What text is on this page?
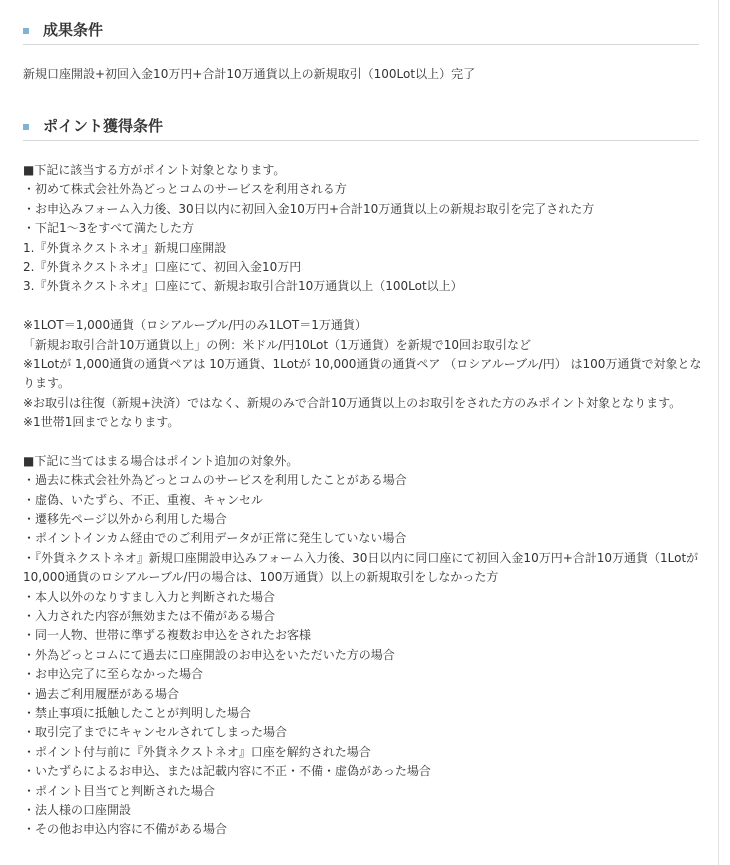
成果条件
新規口座開設+初回入金10万円+合計10万通貨以上の新規取引（100Lot以上）完了
ポイント獲得条件
■下記に該当する方がポイント対象となります。
・初めて株式会社外為どっとコムのサービスを利用される方
・お申込みフォーム入力後、30日以内に初回入金10万円+合計10万通貨以上の新規お取引を完了された方
・下記1～3をすべて満たした方
1.『外貨ネクストネオ』新規口座開設
2.『外貨ネクストネオ』口座にて、初回入金10万円
3.『外貨ネクストネオ』口座にて、新規お取引合計10万通貨以上（100Lot以上）
※1LOT＝1,000通貨（ロシアルーブル/円のみ1LOT＝1万通貨）
「新規お取引合計10万通貨以上」の例：米ドル/円10Lot（1万通貨）を新規で10回お取引など
※1Lotが 1,000通貨の通貨ペアは 10万通貨、1Lotが 10,000通貨の通貨ペア （ロシアルーブル/円） は100万通貨で対象となります。
※お取引は往復（新規+決済）ではなく、新規のみで合計10万通貨以上のお取引をされた方のみポイント対象となります。
※1世帯1回までとなります。
■下記に当てはまる場合はポイント追加の対象外。
・過去に株式会社外為どっとコムのサービスを利用したことがある場合
・虚偽、いたずら、不正、重複、キャンセル
・遷移先ページ以外から利用した場合
・ポイントインカム経由でのご利用データが正常に発生していない場合
・『外貨ネクストネオ』新規口座開設申込みフォーム入力後、30日以内に同口座にて初回入金10万円+合計10万通貨（1Lotが10,000通貨のロシアルーブル/円の場合は、100万通貨）以上の新規取引をしなかった方
・本人以外のなりすまし入力と判断された場合
・入力された内容が無効または不備がある場合
・同一人物、世帯に準ずる複数お申込をされたお客様
・外為どっとコムにて過去に口座開設のお申込をいただいた方の場合
・お申込完了に至らなかった場合
・過去ご利用履歴がある場合
・禁止事項に抵触したことが判明した場合
・取引完了までにキャンセルされてしまった場合
・ポイント付与前に『外貨ネクストネオ』口座を解約された場合
・いたずらによるお申込、または記載内容に不正・不備・虚偽があった場合
・ポイント目当てと判断された場合
・法人様の口座開設
・その他お申込内容に不備がある場合
